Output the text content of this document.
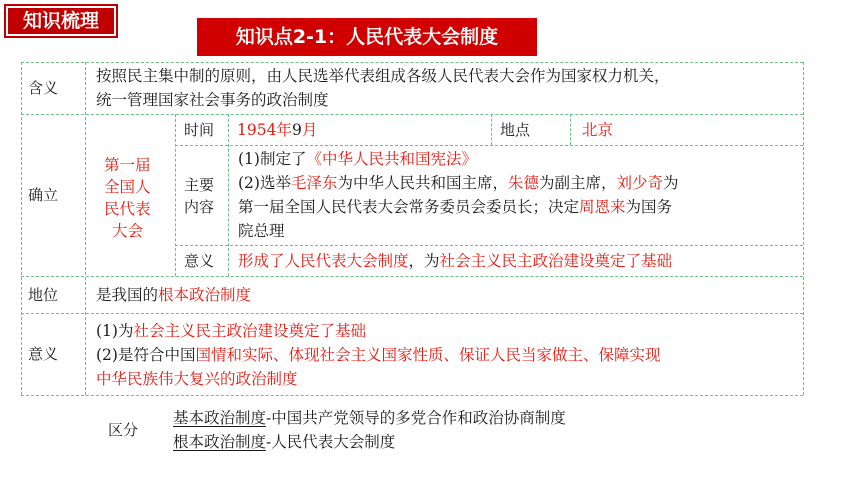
知识梳理
知识点2-1：人民代表大会制度
含义
按照民主集中制的原则，由人民选举代表组成各级人民代表大会作为国家权力机关，
统一管理国家社会事务的政治制度
确立
第一届
全国人
民代表
大会
时间 1954年9月	地点	北京
主要
内容
(1)制定了《中华人民共和国宪法》
(2)选举毛泽东为中华人民共和国主席，朱德为副主席，刘少奇为
第一届全国人民代表大会常务委员会委员长；决定周恩来为国务
院总理
意义 形成了人民代表大会制度，为社会主义民主政治建设奠定了基础
地位 是我国的根本政治制度
意义
(1)为社会主义民主政治建设奠定了基础
(2)是符合中国国情和实际、体现社会主义国家性质、保证人民当家做主、保障实现
中华民族伟大复兴的政治制度
区分
基本政治制度-中国共产党领导的多党合作和政治协商制度
根本政治制度-人民代表大会制度
